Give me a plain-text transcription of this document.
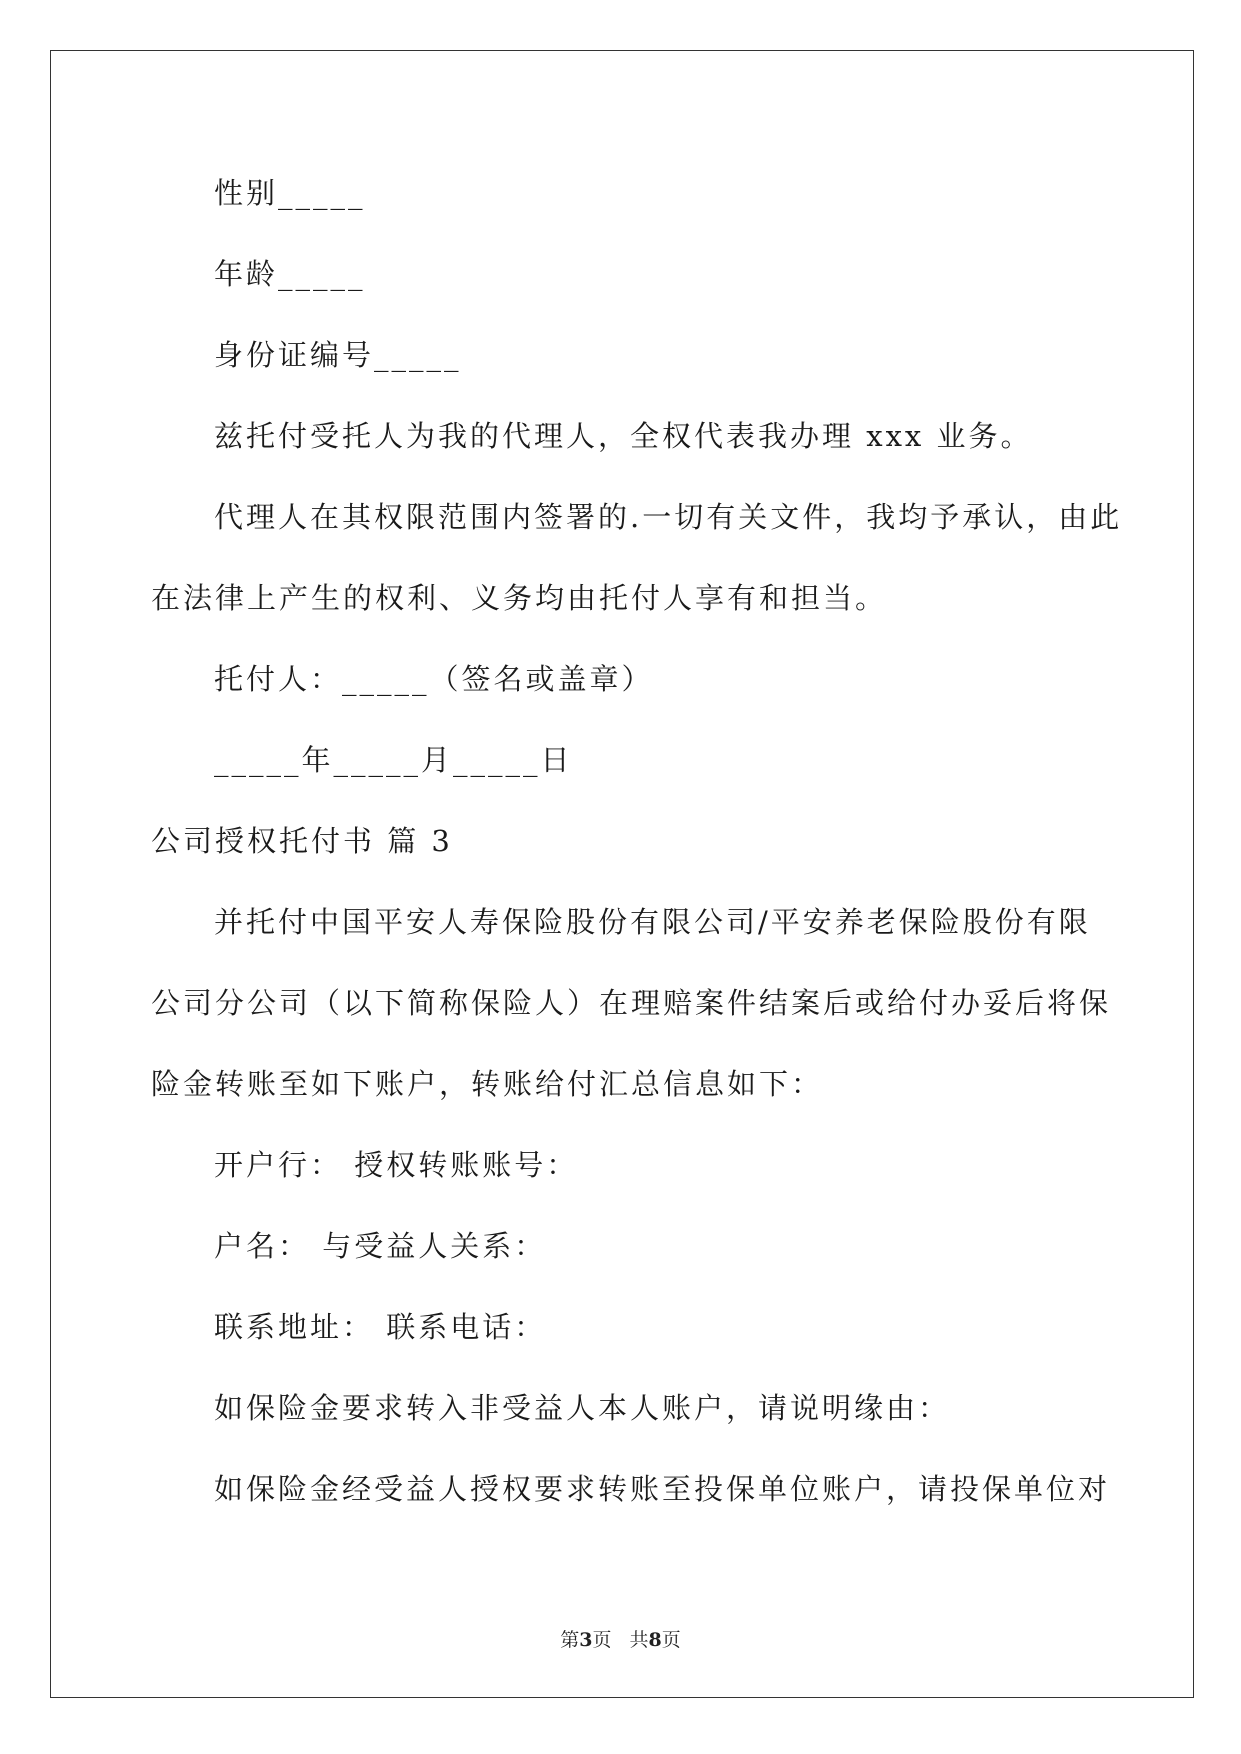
性别_____
年龄_____
身份证编号_____
兹托付受托人为我的代理人，全权代表我办理 xxx 业务。
代理人在其权限范围内签署的.一切有关文件，我均予承认，由此
在法律上产生的权利、义务均由托付人享有和担当。
托付人：_____（签名或盖章）
_____年_____月_____日
公司授权托付书 篇 3
并托付中国平安人寿保险股份有限公司/平安养老保险股份有限
公司分公司（以下简称保险人）在理赔案件结案后或给付办妥后将保
险金转账至如下账户，转账给付汇总信息如下：
开户行： 授权转账账号：
户名： 与受益人关系：
联系地址： 联系电话：
如保险金要求转入非受益人本人账户，请说明缘由：
如保险金经受益人授权要求转账至投保单位账户，请投保单位对
第3页 共8页
